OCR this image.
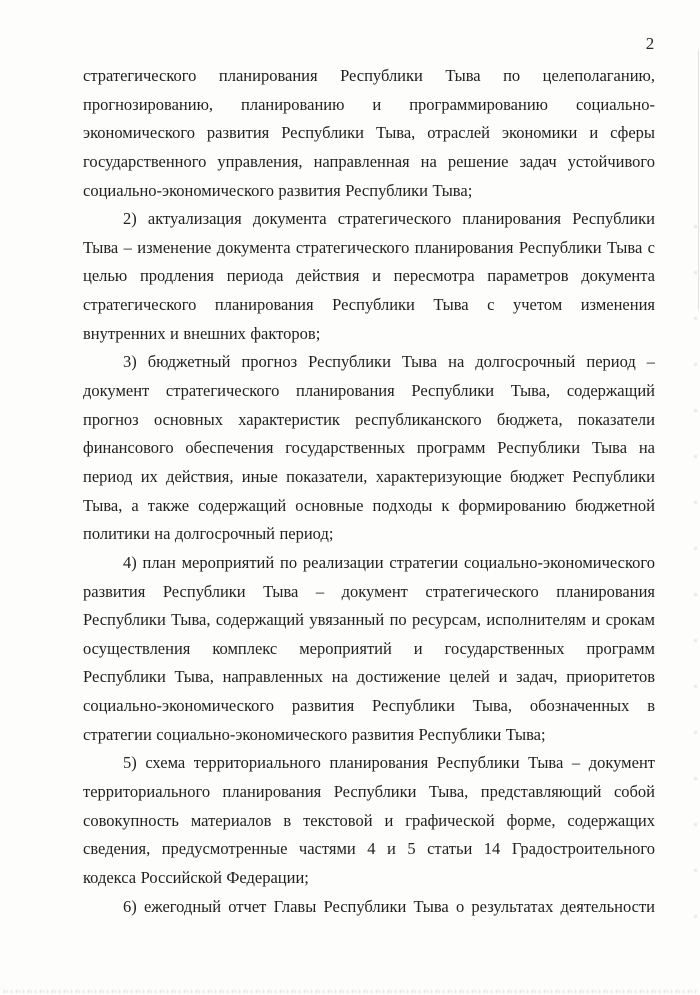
2
стратегического планирования Республики Тыва по целеполаганию,
прогнозированию, планированию и программированию социально-
экономического развития Республики Тыва, отраслей экономики и сферы
государственного управления, направленная на решение задач устойчивого
социально-экономического развития Республики Тыва;
2) актуализация документа стратегического планирования Республики
Тыва – изменение документа стратегического планирования Республики Тыва с
целью продления периода действия и пересмотра параметров документа
стратегического планирования Республики Тыва с учетом изменения
внутренних и внешних факторов;
3) бюджетный прогноз Республики Тыва на долгосрочный период –
документ стратегического планирования Республики Тыва, содержащий
прогноз основных характеристик республиканского бюджета, показатели
финансового обеспечения государственных программ Республики Тыва на
период их действия, иные показатели, характеризующие бюджет Республики
Тыва, а также содержащий основные подходы к формированию бюджетной
политики на долгосрочный период;
4) план мероприятий по реализации стратегии социально-экономического
развития Республики Тыва – документ стратегического планирования
Республики Тыва, содержащий увязанный по ресурсам, исполнителям и срокам
осуществления комплекс мероприятий и государственных программ
Республики Тыва, направленных на достижение целей и задач, приоритетов
социально-экономического развития Республики Тыва, обозначенных в
стратегии социально-экономического развития Республики Тыва;
5) схема территориального планирования Республики Тыва – документ
территориального планирования Республики Тыва, представляющий собой
совокупность материалов в текстовой и графической форме, содержащих
сведения, предусмотренные частями 4 и 5 статьи 14 Градостроительного
кодекса Российской Федерации;
6) ежегодный отчет Главы Республики Тыва о результатах деятельности
